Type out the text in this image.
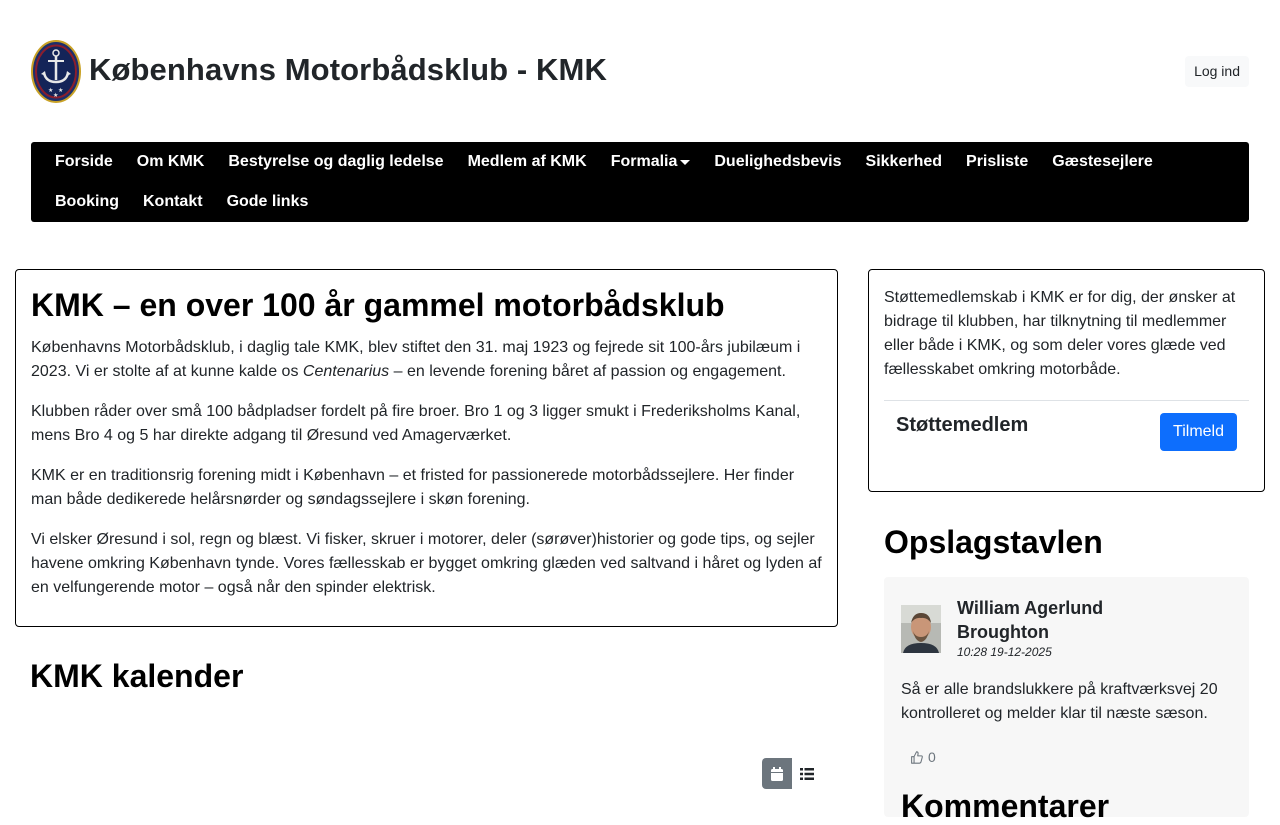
★ ★
★
Københavns Motorbådsklub - KMK	Log ind
Forside	Om KMK	Bestyrelse og daglig ledelse	Medlem af KMK	Formalia	Duelighedsbevis	Sikkerhed	Prisliste	Gæstesejlere
Booking	Kontakt	Gode links
KMK – en over 100 år gammel motorbådsklub

Københavns Motorbådsklub, i daglig tale KMK, blev stiftet den 31. maj 1923 og fejrede sit 100-års jubilæum i 2023. Vi er stolte af at kunne kalde os Centenarius – en levende forening båret af passion og engagement.

Klubben råder over små 100 bådpladser fordelt på fire broer. Bro 1 og 3 ligger smukt i Frederiksholms Kanal, mens Bro 4 og 5 har direkte adgang til Øresund ved Amagerværket.

KMK er en traditionsrig forening midt i København – et fristed for passionerede motorbådssejlere. Her finder man både dedikerede helårsnørder og søndagssejlere i skøn forening.

Vi elsker Øresund i sol, regn og blæst. Vi fisker, skruer i motorer, deler (sørøver)historier og gode tips, og sejler havene omkring København tynde. Vores fællesskab er bygget omkring glæden ved saltvand i håret og lyden af en velfungerende motor – også når den spinder elektrisk.

KMK kalender

Støttemedlemskab i KMK er for dig, der ønsker at bidrage til klubben, har tilknytning til medlemmer eller både i KMK, og som deler vores glæde ved fællesskabet omkring motorbåde.

Støttemedlem	Tilmeld
Opslagstavlen
William Agerlund Broughton
10:28 19-12-2025
Så er alle brandslukkere på kraftværksvej 20 kontrolleret og melder klar til næste sæson.
0
Kommentarer
